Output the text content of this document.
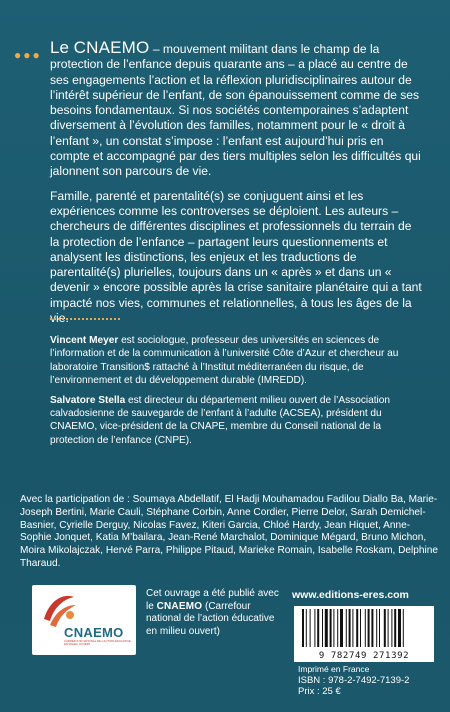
●●● Le CNAEMO – mouvement militant dans le champ de la protection de l’enfance depuis quarante ans – a placé au centre de ses engagements l’action et la réflexion pluridisciplinaires autour de l’intérêt supérieur de l’enfant, de son épanouissement comme de ses besoins fondamentaux. Si nos sociétés contemporaines s’adaptent diversement à l’évolution des familles, notamment pour le « droit à l’enfant », un constat s’impose : l’enfant est aujourd’hui pris en compte et accompagné par des tiers multiples selon les difficultés qui jalonnent son parcours de vie.

Famille, parenté et parentalité(s) se conjuguent ainsi et les expériences comme les controverses se déploient. Les auteurs – chercheurs de différentes disciplines et professionnels du terrain de la protection de l’enfance – partagent leurs questionnements et analysent les distinctions, les enjeux et les traductions de parentalité(s) plurielles, toujours dans un « après » et dans un « devenir » encore possible après la crise sanitaire planétaire qui a tant impacté nos vies, communes et relationnelles, à tous les âges de la vie.

Vincent Meyer est sociologue, professeur des universités en sciences de l’information et de la communication à l’université Côte d’Azur et chercheur au laboratoire Transition$ rattaché à l’Institut méditerranéen du risque, de l’environnement et du développement durable (IMREDD).

Salvatore Stella est directeur du département milieu ouvert de l’Association calvadosienne de sauvegarde de l’enfant à l’adulte (ACSEA), président du CNAEMO, vice-président de la CNAPE, membre du Conseil national de la protection de l’enfance (CNPE).

Avec la participation de : Soumaya Abdellatif, El Hadji Mouhamadou Fadilou Diallo Ba, Marie-Joseph Bertini, Marie Cauli, Stéphane Corbin, Anne Cordier, Pierre Delor, Sarah Demichel-Basnier, Cyrielle Derguy, Nicolas Favez, Kiteri Garcia, Chloé Hardy, Jean Hiquet, Anne-Sophie Jonquet, Katia M’bailara, Jean-René Marchalot, Dominique Mégard, Bruno Michon, Moira Mikolajczak, Hervé Parra, Philippe Pitaud, Marieke Romain, Isabelle Roskam, Delphine Tharaud.
CNAEMO
CARREFOUR NATIONAL DE L’ACTION ÉDUCATIVE EN MILIEU OUVERT
Cet ouvrage a été publié avec le CNAEMO (Carrefour national de l’action éducative en milieu ouvert)
www.editions-eres.com
9 782749 271392
Imprimé en France
ISBN : 978-2-7492-7139-2
Prix : 25 €
